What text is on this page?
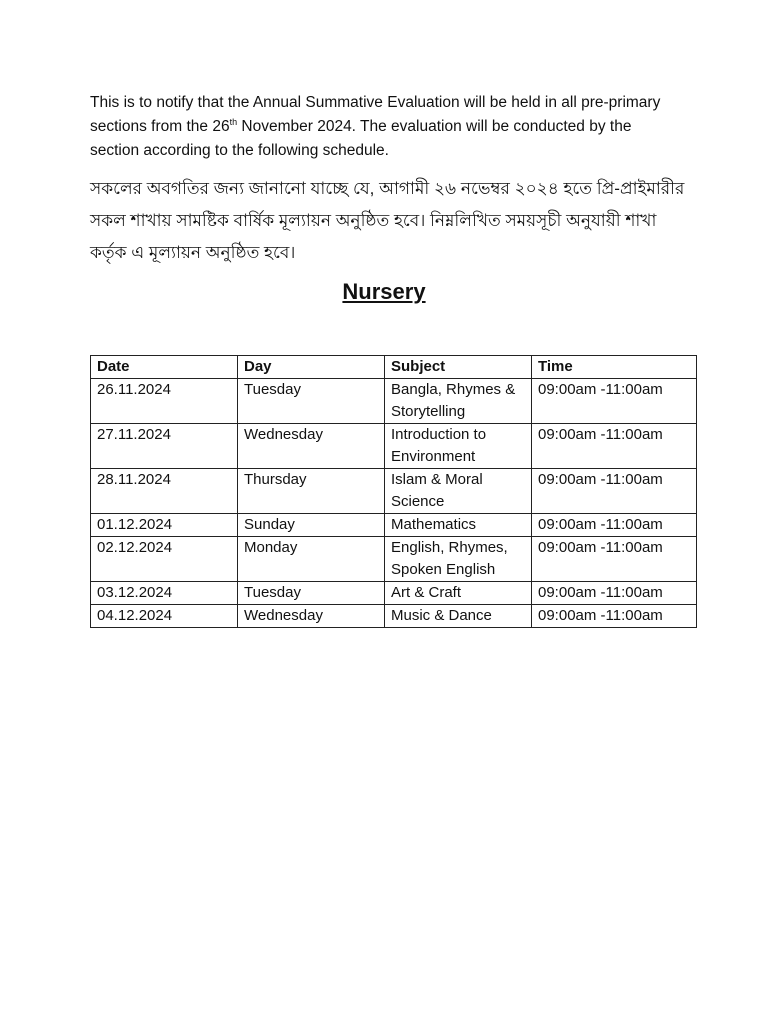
This is to notify that the Annual Summative Evaluation will be held in all pre-primary sections from the 26th November 2024. The evaluation will be conducted by the section according to the following schedule.

সকলের অবগতির জন্য জানানো যাচ্ছে যে, আগামী ২৬ নভেম্বর ২০২৪ হতে প্রি-প্রাইমারীর সকল শাখায় সামষ্টিক বার্ষিক মূল্যায়ন অনুষ্ঠিত হবে। নিম্নলিখিত সময়সূচী অনুযায়ী শাখা কর্তৃক এ মূল্যায়ন অনুষ্ঠিত হবে।

Nursery
Date	Day	Subject	Time
26.11.2024	Tuesday	Bangla, Rhymes & Storytelling	09:00am -11:00am
27.11.2024	Wednesday	Introduction to Environment	09:00am -11:00am
28.11.2024	Thursday	Islam & Moral Science	09:00am -11:00am
01.12.2024	Sunday	Mathematics	09:00am -11:00am
02.12.2024	Monday	English, Rhymes, Spoken English	09:00am -11:00am
03.12.2024	Tuesday	Art & Craft	09:00am -11:00am
04.12.2024	Wednesday	Music & Dance	09:00am -11:00am
